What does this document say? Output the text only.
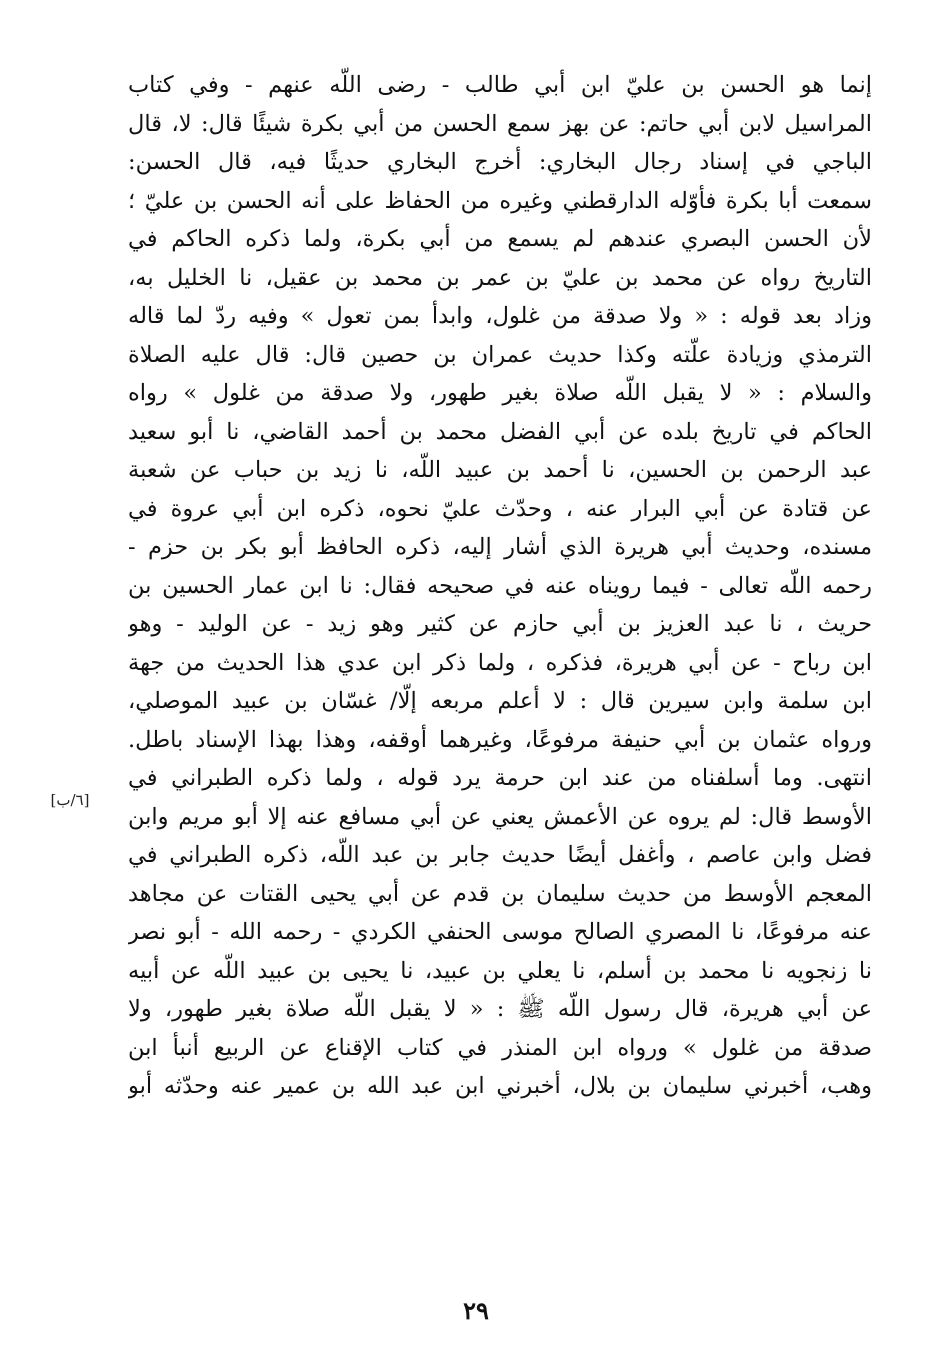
إنما هو الحسن بن عليّ ابن أبي طالب - رضى اللّه عنهم - وفي كتاب
المراسيل لابن أبي حاتم: عن بهز سمع الحسن من أبي بكرة شيئًا قال: لا، قال
الباجي في إسناد رجال البخاري: أخرج البخاري حديثًا فيه، قال الحسن:
سمعت أبا بكرة فأوّله الدارقطني وغيره من الحفاظ على أنه الحسن بن عليّ ؛
لأن الحسن البصري عندهم لم يسمع من أبي بكرة، ولما ذكره الحاكم في
التاريخ رواه عن محمد بن عليّ بن عمر بن محمد بن عقيل، نا الخليل به،
وزاد بعد قوله : « ولا صدقة من غلول، وابدأ بمن تعول » وفيه ردّ لما قاله
الترمذي وزيادة علّته وكذا حديث عمران بن حصين قال: قال عليه الصلاة
والسلام : « لا يقبل اللّه صلاة بغير طهور، ولا صدقة من غلول » رواه
الحاكم في تاريخ بلده عن أبي الفضل محمد بن أحمد القاضي، نا أبو سعيد
عبد الرحمن بن الحسين، نا أحمد بن عبيد اللّه، نا زيد بن حباب عن شعبة
عن قتادة عن أبي البرار عنه ، وحدّث عليّ نحوه، ذكره ابن أبي عروة في
مسنده، وحديث أبي هريرة الذي أشار إليه، ذكره الحافظ أبو بكر بن حزم -
رحمه اللّه تعالى - فيما رويناه عنه في صحيحه فقال: نا ابن عمار الحسين بن
حريث ، نا عبد العزيز بن أبي حازم عن كثير وهو زيد - عن الوليد - وهو
ابن رباح - عن أبي هريرة، فذكره ، ولما ذكر ابن عدي هذا الحديث من جهة
ابن سلمة وابن سيرين قال : لا أعلم مربعه إلّا/ غسّان بن عبيد الموصلي،
ورواه عثمان بن أبي حنيفة مرفوعًا، وغيرهما أوقفه، وهذا بهذا الإسناد باطل.
انتهى. وما أسلفناه من عند ابن حرمة يرد قوله ، ولما ذكره الطبراني في
الأوسط قال: لم يروه عن الأعمش يعني عن أبي مسافع عنه إلا أبو مريم وابن
فضل وابن عاصم ، وأغفل أيضًا حديث جابر بن عبد اللّه، ذكره الطبراني في
المعجم الأوسط من حديث سليمان بن قدم عن أبي يحيى القتات عن مجاهد
عنه مرفوعًا، نا المصري الصالح موسى الحنفي الكردي - رحمه الله - أبو نصر
نا زنجويه نا محمد بن أسلم، نا يعلي بن عبيد، نا يحيى بن عبيد اللّه عن أبيه
عن أبي هريرة، قال رسول اللّه ﷺ : « لا يقبل اللّه صلاة بغير طهور، ولا
صدقة من غلول » ورواه ابن المنذر في كتاب الإقناع عن الربيع أنبأ ابن
وهب، أخبرني سليمان بن بلال، أخبرني ابن عبد الله بن عمير عنه وحدّثه أبو
[٦/ب]
٢٩
